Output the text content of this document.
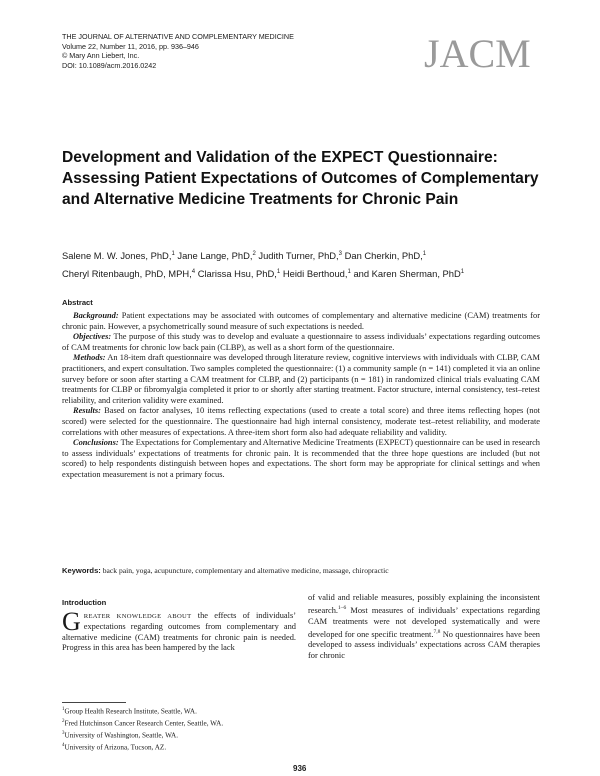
THE JOURNAL OF ALTERNATIVE AND COMPLEMENTARY MEDICINE
Volume 22, Number 11, 2016, pp. 936–946
© Mary Ann Liebert, Inc.
DOI: 10.1089/acm.2016.0242	JACM
Development and Validation of the EXPECT Questionnaire: Assessing Patient Expectations of Outcomes of Complementary and Alternative Medicine Treatments for Chronic Pain
Salene M. W. Jones, PhD,$^1$ Jane Lange, PhD,$^2$ Judith Turner, PhD,$^3$ Dan Cherkin, PhD,$^1$
Cheryl Ritenbaugh, PhD, MPH,$^4$ Clarissa Hsu, PhD,$^1$ Heidi Berthoud,$^1$ and Karen Sherman, PhD$^1$
Abstract

Background: Patient expectations may be associated with outcomes of complementary and alternative medicine (CAM) treatments for chronic pain. However, a psychometrically sound measure of such expectations is needed.

Objectives: The purpose of this study was to develop and evaluate a questionnaire to assess individuals’ expectations regarding outcomes of CAM treatments for chronic low back pain (CLBP), as well as a short form of the questionnaire.

Methods: An 18-item draft questionnaire was developed through literature review, cognitive interviews with individuals with CLBP, CAM practitioners, and expert consultation. Two samples completed the questionnaire: (1) a community sample (n = 141) completed it via an online survey before or soon after starting a CAM treatment for CLBP, and (2) participants (n = 181) in randomized clinical trials evaluating CAM treatments for CLBP or fibromyalgia completed it prior to or shortly after starting treatment. Factor structure, internal consistency, test–retest reliability, and criterion validity were examined.

Results: Based on factor analyses, 10 items reflecting expectations (used to create a total score) and three items reflecting hopes (not scored) were selected for the questionnaire. The questionnaire had high internal consistency, moderate test–retest reliability, and moderate correlations with other measures of expectations. A three-item short form also had adequate reliability and validity.

Conclusions: The Expectations for Complementary and Alternative Medicine Treatments (EXPECT) questionnaire can be used in research to assess individuals’ expectations of treatments for chronic pain. It is recommended that the three hope questions are included (but not scored) to help respondents distinguish between hopes and expectations. The short form may be appropriate for clinical settings and when expectation measurement is not a primary focus.

Keywords: back pain, yoga, acupuncture, complementary and alternative medicine, massage, chiropractic
Introduction
GREATER KNOWLEDGE ABOUT the effects of individuals’ expectations regarding outcomes from complementary and alternative medicine (CAM) treatments for chronic pain is needed. Progress in this area has been hampered by the lack
of valid and reliable measures, possibly explaining the inconsistent research.$^{1-6}$ Most measures of individuals’ expectations regarding CAM treatments were not developed systematically and were developed for one specific treatment.$^{7,8}$ No questionnaires have been developed to assess individuals’ expectations across CAM therapies for chronic
$^1$Group Health Research Institute, Seattle, WA.
$^2$Fred Hutchinson Cancer Research Center, Seattle, WA.
$^3$University of Washington, Seattle, WA.
$^4$University of Arizona, Tucson, AZ.
936
